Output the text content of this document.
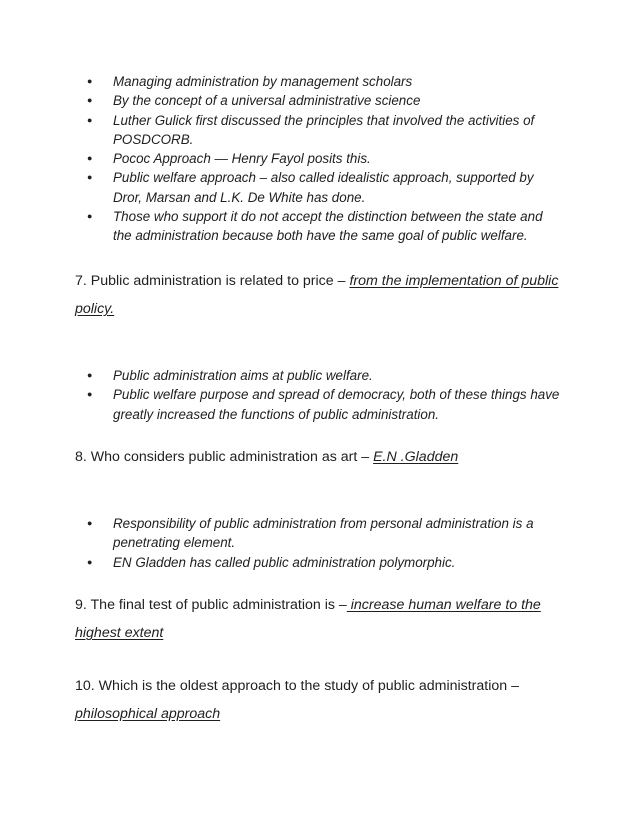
● Managing administration by management scholars
● By the concept of a universal administrative science
● Luther Gulick first discussed the principles that involved the activities of POSDCORB.
● Pococ Approach — Henry Fayol posits this.
● Public welfare approach – also called idealistic approach, supported by Dror, Marsan and L.K. De White has done.
● Those who support it do not accept the distinction between the state and the administration because both have the same goal of public welfare.

7. Public administration is related to price – from the implementation of public policy.

● Public administration aims at public welfare.
● Public welfare purpose and spread of democracy, both of these things have greatly increased the functions of public administration.

8. Who considers public administration as art – E.N .Gladden

● Responsibility of public administration from personal administration is a penetrating element.
● EN Gladden has called public administration polymorphic.

9. The final test of public administration is – increase human welfare to the highest extent

10. Which is the oldest approach to the study of public administration – philosophical approach
